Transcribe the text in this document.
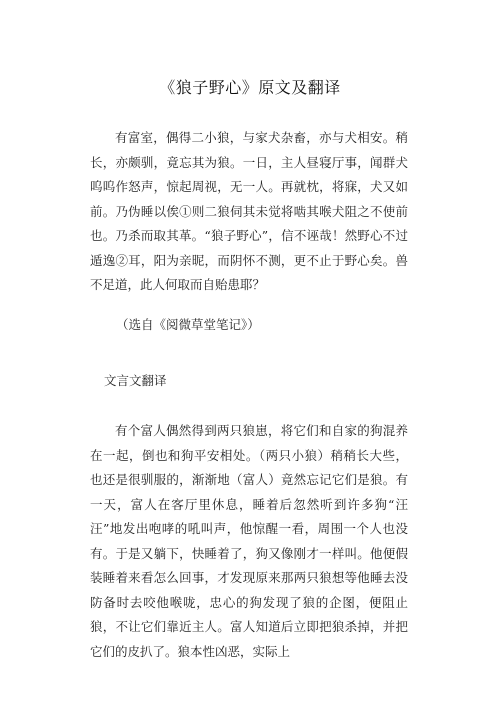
《狼子野心》原文及翻译

有富室，偶得二小狼，与家犬杂畜，亦与犬相安。稍长，亦颇驯，竟忘其为狼。一日，主人昼寝厅事，闻群犬呜呜作怒声，惊起周视，无一人。再就枕，将寐，犬又如前。乃伪睡以俟①则二狼伺其未觉将啮其喉犬阻之不使前也。乃杀而取其革。“狼子野心”，信不诬哉！然野心不过遁逸②耳，阳为亲昵，而阴怀不测，更不止于野心矣。兽不足道，此人何取而自贻患耶？

（选自《阅微草堂笔记》）
文言文翻译

有个富人偶然得到两只狼崽，将它们和自家的狗混养在一起，倒也和狗平安相处。（两只小狼）稍稍长大些，也还是很驯服的，渐渐地（富人）竟然忘记它们是狼。有一天，富人在客厅里休息，睡着后忽然听到许多狗“汪汪”地发出咆哮的吼叫声，他惊醒一看，周围一个人也没有。于是又躺下，快睡着了，狗又像刚才一样叫。他便假装睡着来看怎么回事，才发现原来那两只狼想等他睡去没防备时去咬他喉咙，忠心的狗发现了狼的企图，便阻止狼，不让它们靠近主人。富人知道后立即把狼杀掉，并把它们的皮扒了。狼本性凶恶，实际上
